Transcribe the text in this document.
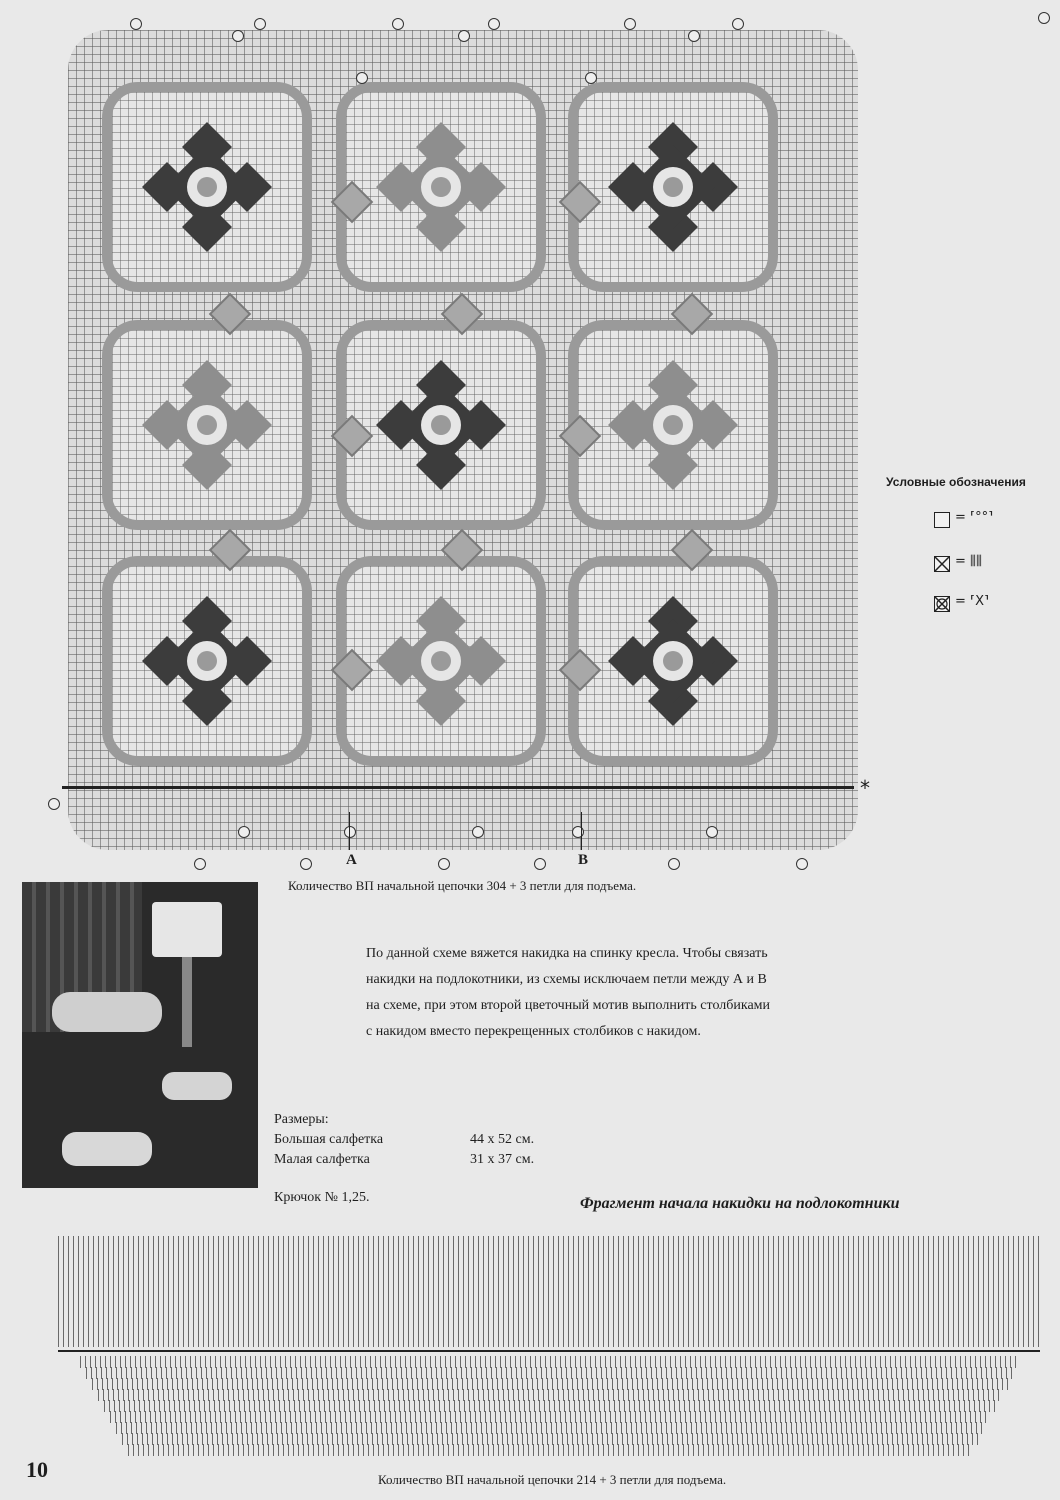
*
A	B
Количество ВП начальной цепочки 304 + 3 петли для подъема.
Условные обозначения
= ⸢°°⸣
= ⫼⫼
= ⸢X⸣
По данной схеме вяжется накидка на спинку кресла. Чтобы связать
накидки на подлокотники, из схемы исключаем петли между А и В
на схеме, при этом второй цветочный мотив выполнить столбиками
с накидом вместо перекрещенных столбиков с накидом.
Размеры:
Большая салфетка	44 х 52 см.
Малая салфетка	31 х 37 см.
Крючок № 1,25.	Фрагмент начала накидки на подлокотники
Количество ВП начальной цепочки 214 + 3 петли для подъема.
10
